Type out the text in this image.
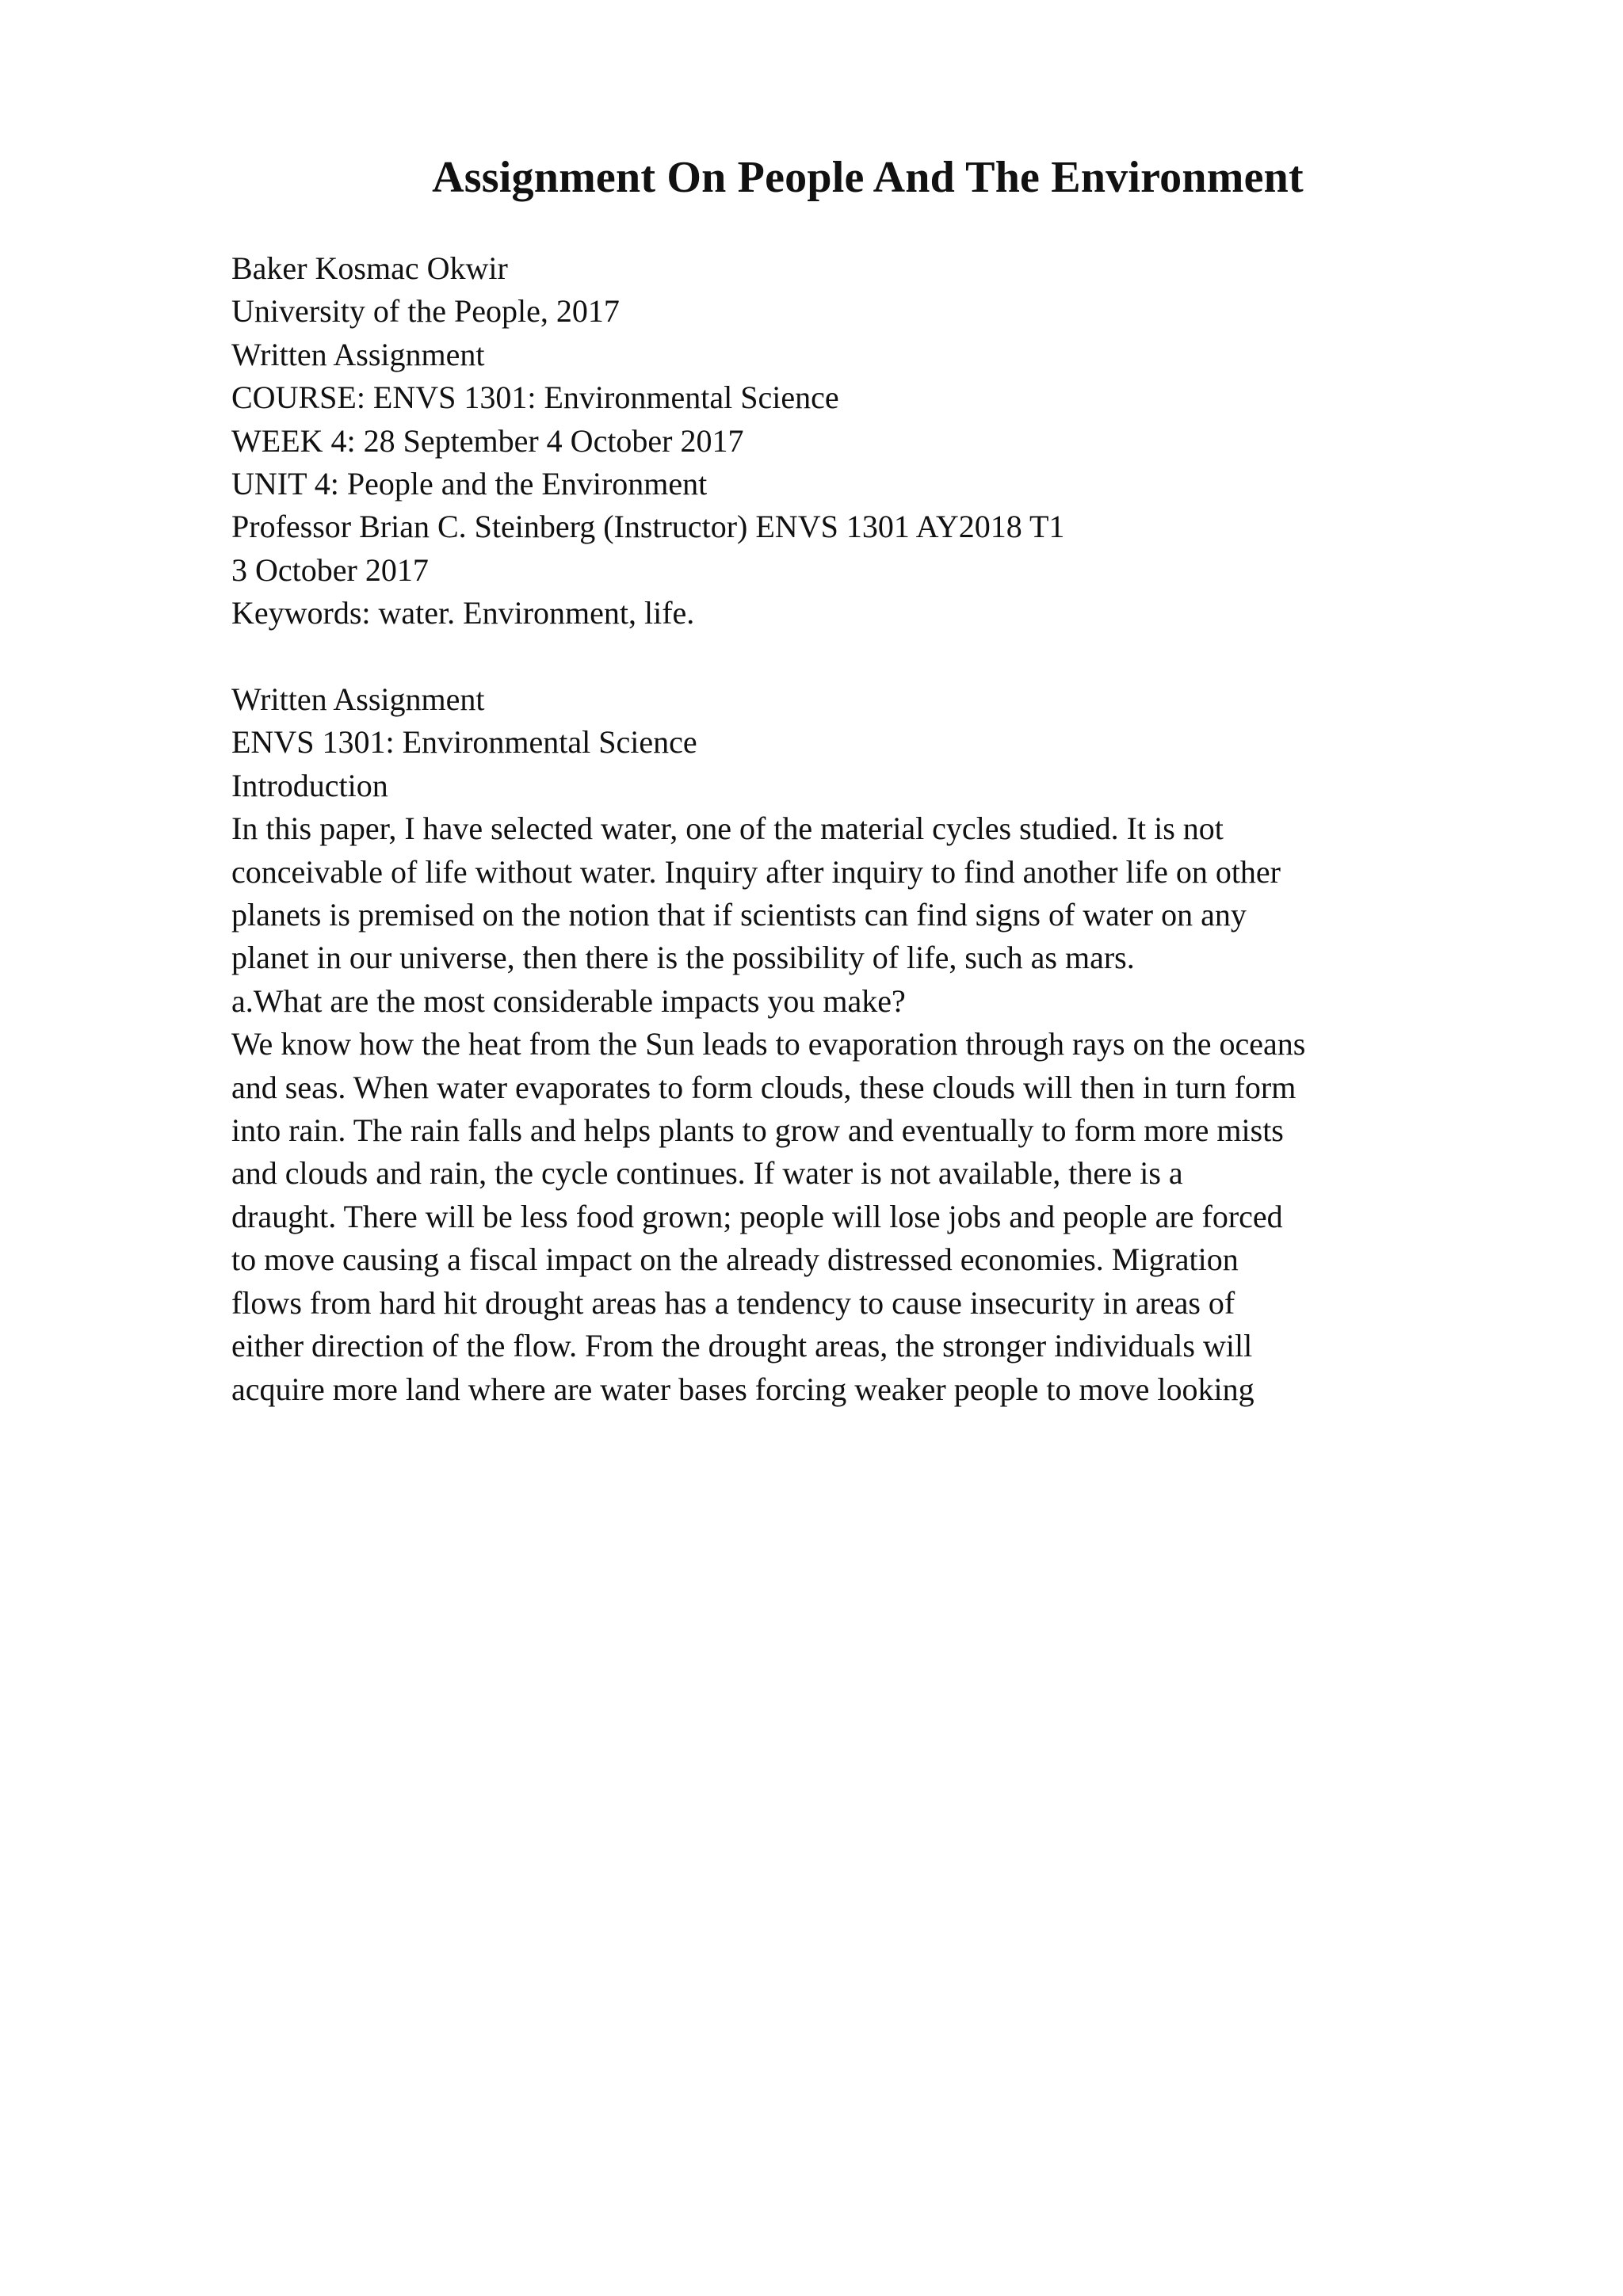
Assignment On People And The Environment
Baker Kosmac Okwir
University of the People, 2017
Written Assignment
COURSE: ENVS 1301: Environmental Science
WEEK 4: 28 September 4 October 2017
UNIT 4: People and the Environment
Professor Brian C. Steinberg (Instructor) ENVS 1301 AY2018 T1
3 October 2017
Keywords: water. Environment, life.
Written Assignment
ENVS 1301: Environmental Science
Introduction
In this paper, I have selected water, one of the material cycles studied. It is not
conceivable of life without water. Inquiry after inquiry to find another life on other
planets is premised on the notion that if scientists can find signs of water on any
planet in our universe, then there is the possibility of life, such as mars.
a.What are the most considerable impacts you make?
We know how the heat from the Sun leads to evaporation through rays on the oceans
and seas. When water evaporates to form clouds, these clouds will then in turn form
into rain. The rain falls and helps plants to grow and eventually to form more mists
and clouds and rain, the cycle continues. If water is not available, there is a
draught. There will be less food grown; people will lose jobs and people are forced
to move causing a fiscal impact on the already distressed economies. Migration
flows from hard hit drought areas has a tendency to cause insecurity in areas of
either direction of the flow. From the drought areas, the stronger individuals will
acquire more land where are water bases forcing weaker people to move looking
